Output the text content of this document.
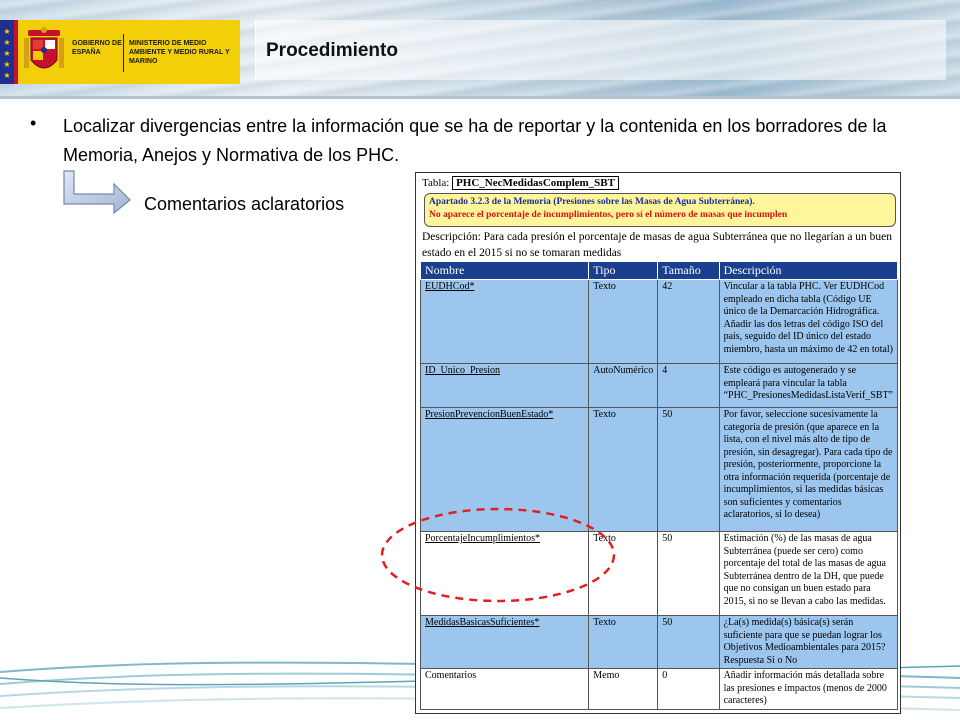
★
★
★
★
★
GOBIERNO DE ESPAÑA
MINISTERIO DE MEDIO AMBIENTE Y MEDIO RURAL Y MARINO
Procedimiento
• Localizar divergencias entre la información que se ha de reportar y la contenida en los borradores de la Memoria, Anejos y Normativa de los PHC.
Comentarios aclaratorios
Tabla: PHC_NecMedidasComplem_SBT
Apartado 3.2.3 de la Memoria (Presiones sobre las Masas de Agua Subterránea).
No aparece el porcentaje de incumplimientos, pero sí el número de masas que incumplen
Descripción: Para cada presión el porcentaje de masas de agua Subterránea que no llegarían a un buen estado en el 2015 si no se tomaran medidas
Nombre	Tipo	Tamaño	Descripción
EUDHCod*	Texto	42	Vincular a la tabla PHC. Ver EUDHCod empleado en dicha tabla (Código UE único de la Demarcación Hidrográfica. Añadir las dos letras del código ISO del país, seguido del ID único del estado miembro, hasta un máximo de 42 en total)
ID_Unico_Presion	AutoNumérico	4	Este código es autogenerado y se empleará para vincular la tabla “PHC_PresionesMedidasListaVerif_SBT”
PresionPrevencionBuenEstado*	Texto	50	Por favor, seleccione sucesivamente la categoría de presión (que aparece en la lista, con el nivel más alto de tipo de presión, sin desagregar). Para cada tipo de presión, posteriormente, proporcione la otra información requerida (porcentaje de incumplimientos, si las medidas básicas son suficientes y comentarios aclaratorios, si lo desea)
PorcentajeIncumplimientos*	Texto	50	Estimación (%) de las masas de agua Subterránea (puede ser cero) como porcentaje del total de las masas de agua Subterránea dentro de la DH, que puede que no consigan un buen estado para 2015, si no se llevan a cabo las medidas.
MedidasBasicasSuficientes*	Texto	50	¿La(s) medida(s) básica(s) serán suficiente para que se puedan lograr los Objetivos Medioambientales para 2015? Respuesta Si o No
Comentarios	Memo	0	Añadir información más detallada sobre las presiones e impactos (menos de 2000 caracteres)
